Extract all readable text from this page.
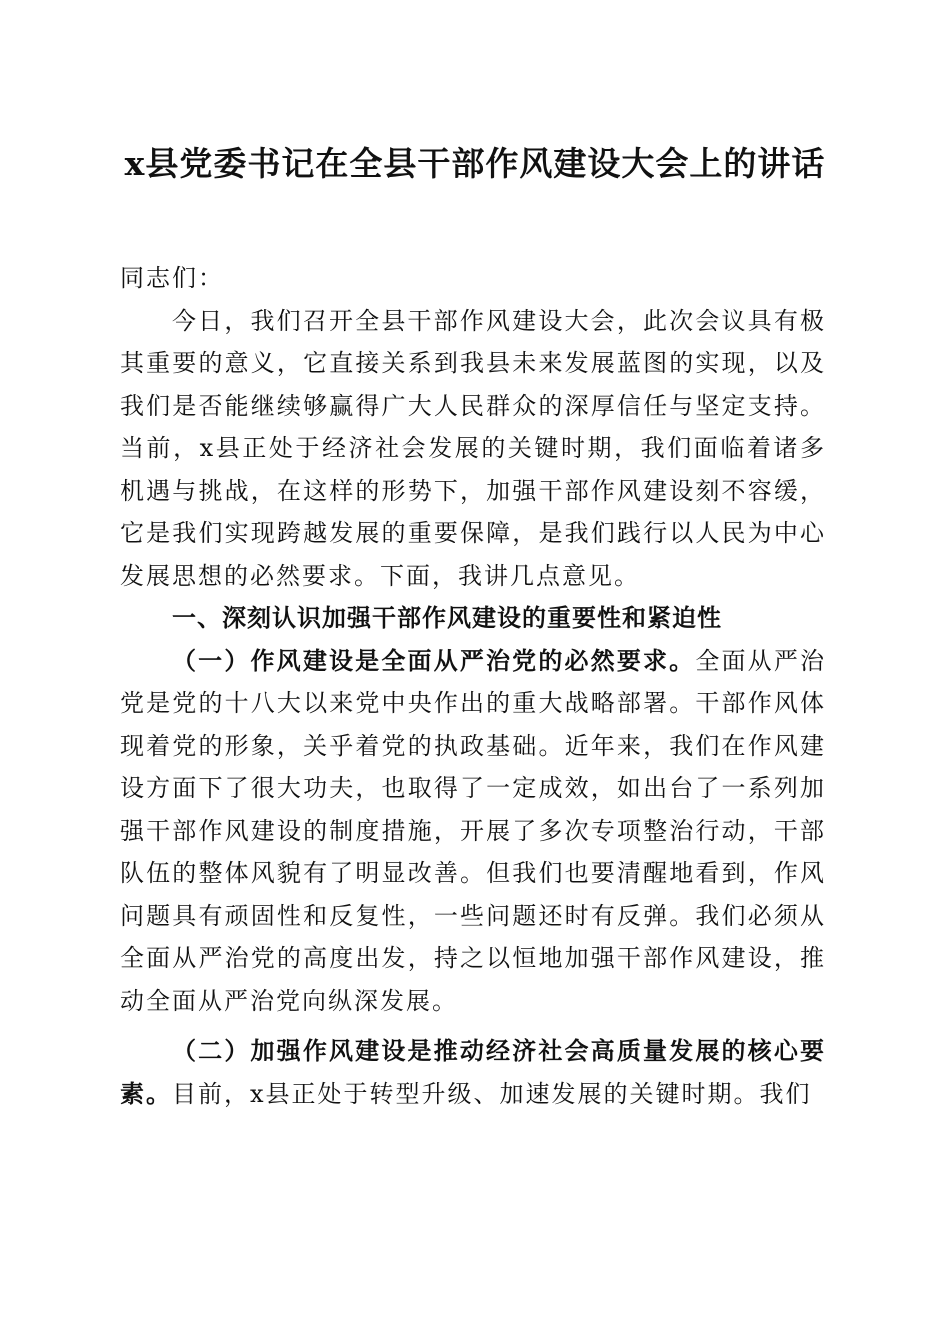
x县党委书记在全县干部作风建设大会上的讲话

同志们：

今日，我们召开全县干部作风建设大会，此次会议具有极其重要的意义，它直接关系到我县未来发展蓝图的实现，以及我们是否能继续够赢得广大人民群众的深厚信任与坚定支持。当前，x县正处于经济社会发展的关键时期，我们面临着诸多机遇与挑战，在这样的形势下，加强干部作风建设刻不容缓，它是我们实现跨越发展的重要保障，是我们践行以人民为中心发展思想的必然要求。下面，我讲几点意见。

一、深刻认识加强干部作风建设的重要性和紧迫性

（一）作风建设是全面从严治党的必然要求。全面从严治党是党的十八大以来党中央作出的重大战略部署。干部作风体现着党的形象，关乎着党的执政基础。近年来，我们在作风建设方面下了很大功夫，也取得了一定成效，如出台了一系列加强干部作风建设的制度措施，开展了多次专项整治行动，干部队伍的整体风貌有了明显改善。但我们也要清醒地看到，作风问题具有顽固性和反复性，一些问题还时有反弹。我们必须从全面从严治党的高度出发，持之以恒地加强干部作风建设，推动全面从严治党向纵深发展。

（二）加强作风建设是推动经济社会高质量发展的核心要素。目前，x县正处于转型升级、加速发展的关键时期。我们
